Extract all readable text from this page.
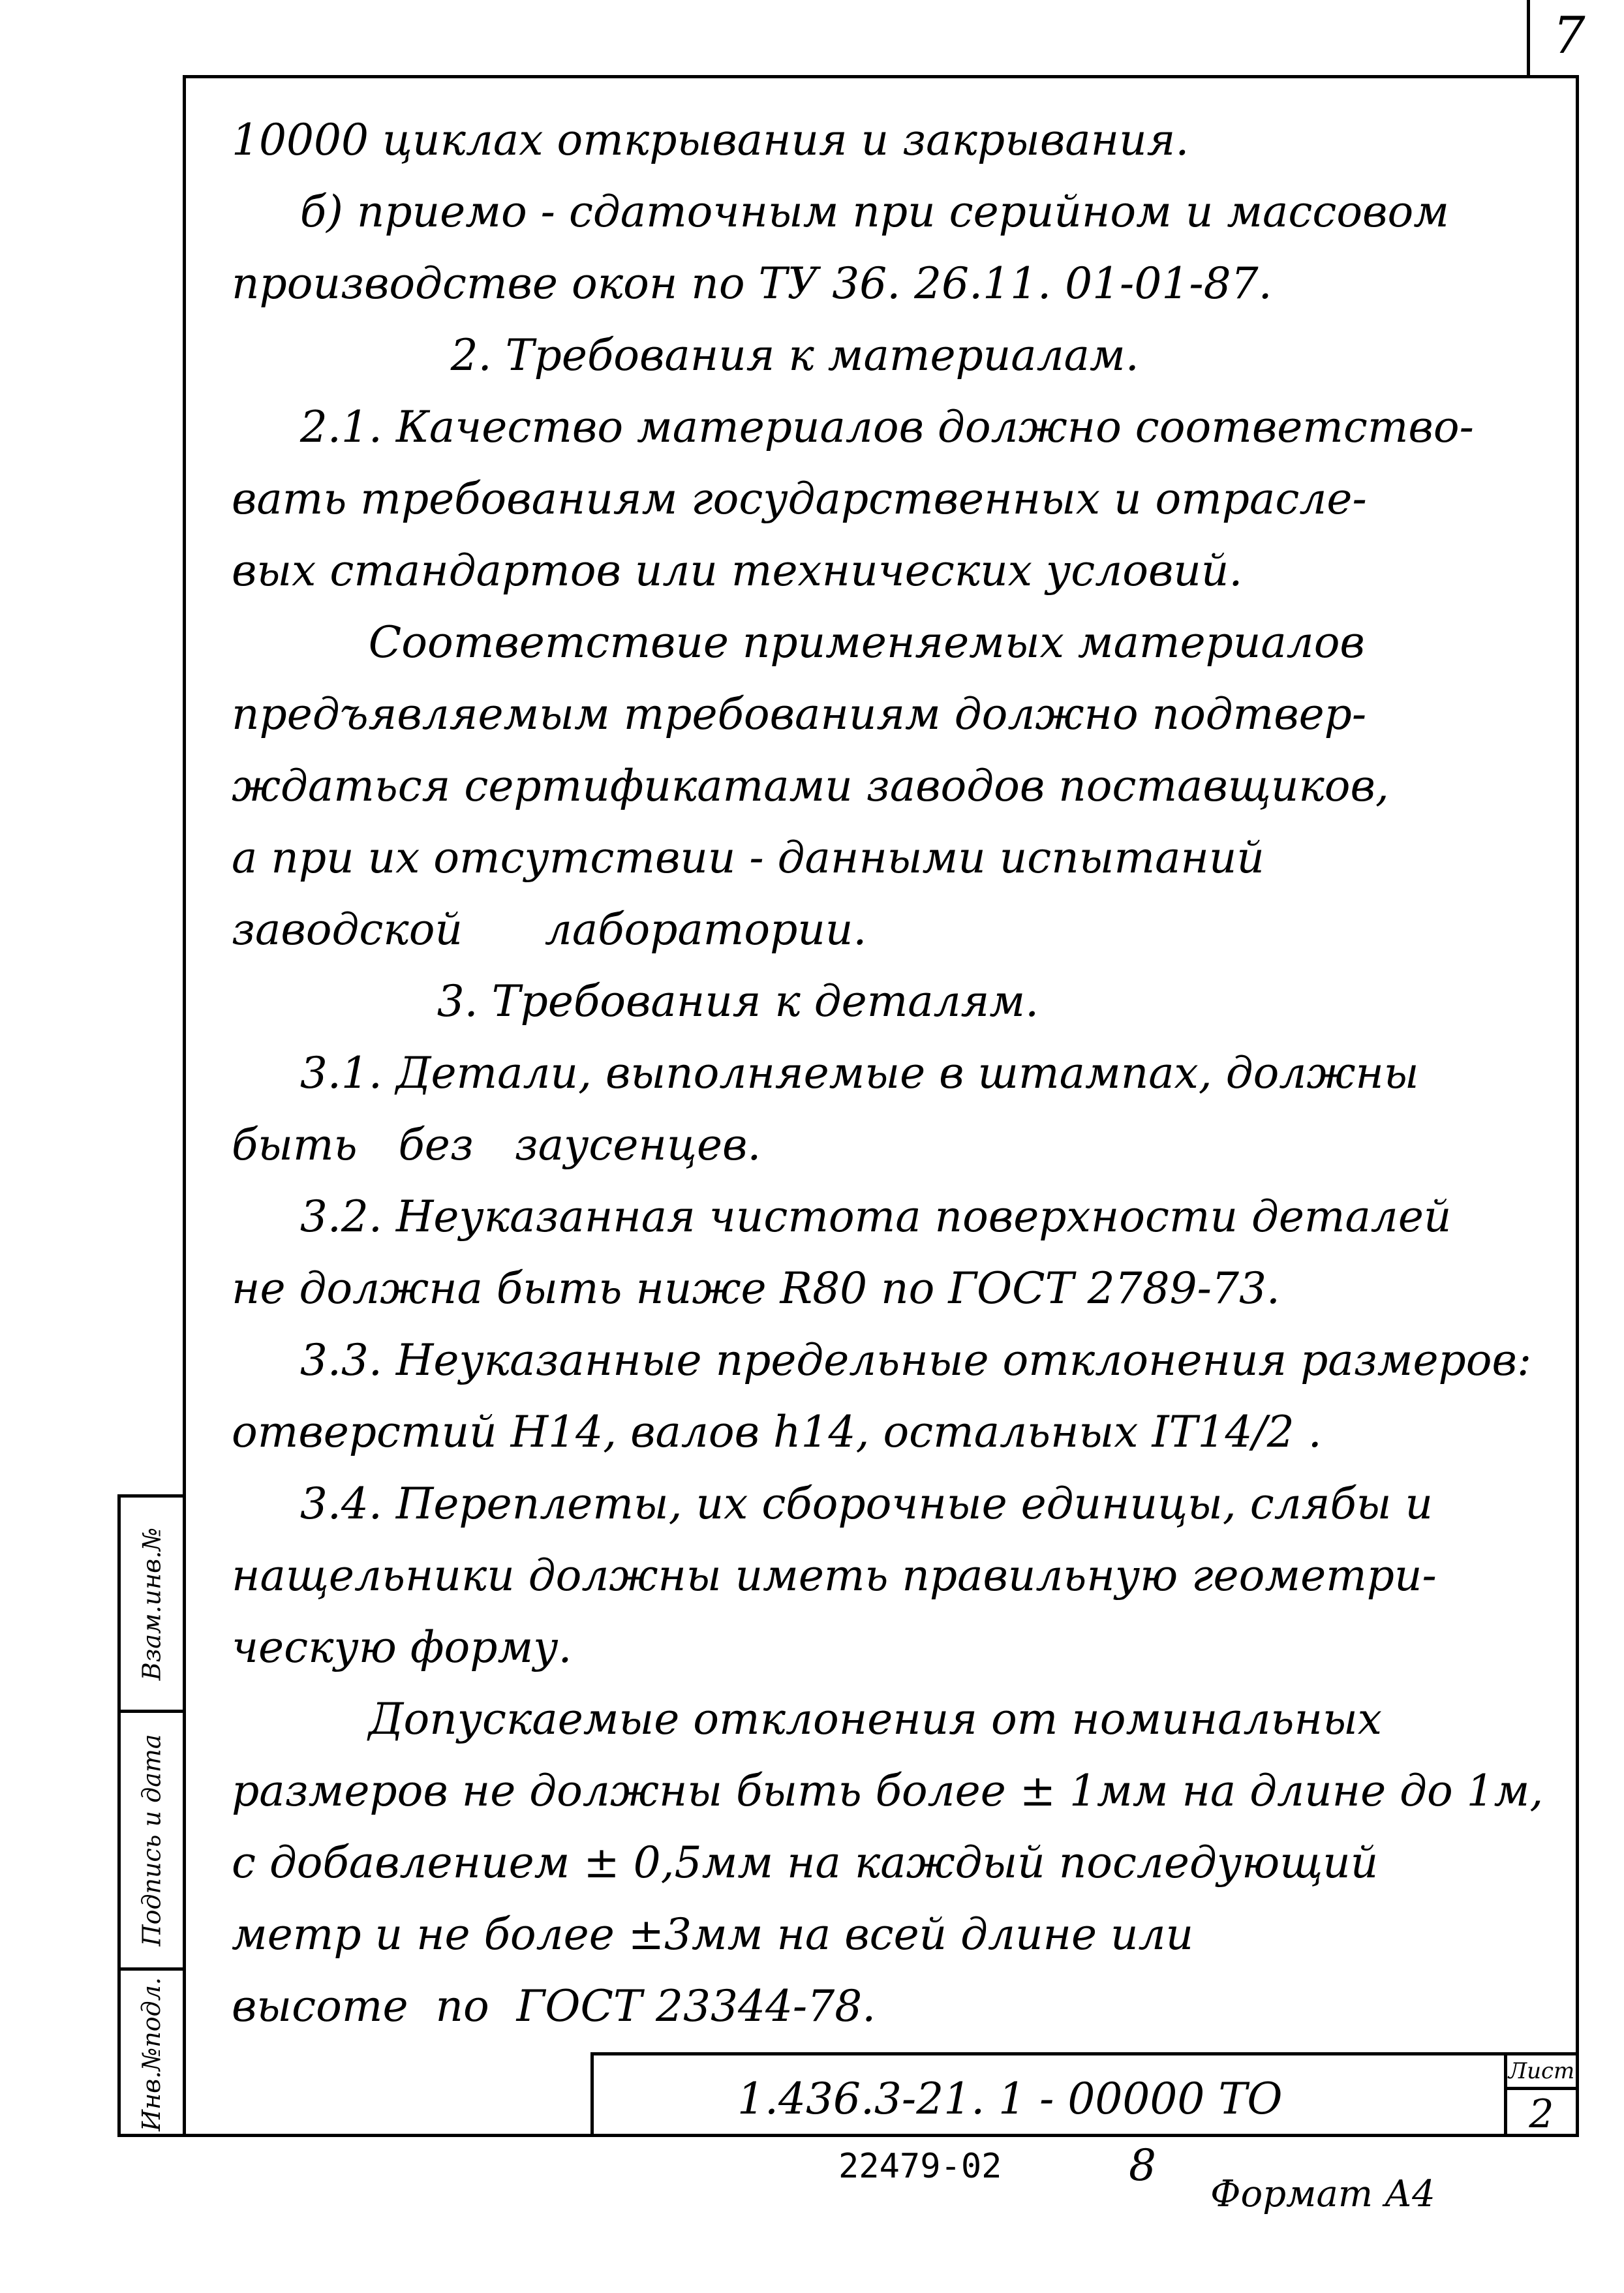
7
10000 циклах открывания и закрывания.
б) приемо - сдаточным при серийном и массовом
производстве окон по ТУ 36. 26.11. 01-01-87.
2. Требования к материалам.
2.1. Качество материалов должно соответство-
вать требованиям государственных и отрасле-
вых стандартов или технических условий.
Соответствие применяемых материалов
предъявляемым требованиям должно подтвер-
ждаться сертификатами заводов поставщиков,
а при их отсутствии - данными испытаний
заводской      лаборатории.
3. Требования к деталям.
3.1. Детали, выполняемые в штампах, должны
быть   без   заусенцев.
3.2. Неуказанная чистота поверхности деталей
не должна быть ниже R80 по ГОСТ 2789-73.
3.3. Неуказанные предельные отклонения размеров:
отверстий H14, валов h14, остальных IT14/2 .
3.4. Переплеты, их сборочные единицы, слябы и
нащельники должны иметь правильную геометри-
ческую форму.
Допускаемые отклонения от номинальных
размеров не должны быть более ± 1мм на длине до 1м,
с добавлением ± 0,5мм на каждый последующий
метр и не более ±3мм на всей длине или
высоте  по  ГОСТ 23344-78.
Взам.инв.№
Подпись и дата
Инв.№подл.	1.436.3-21. 1 - 00000 ТО
Лист
2
22479-02	8
Формат А4
